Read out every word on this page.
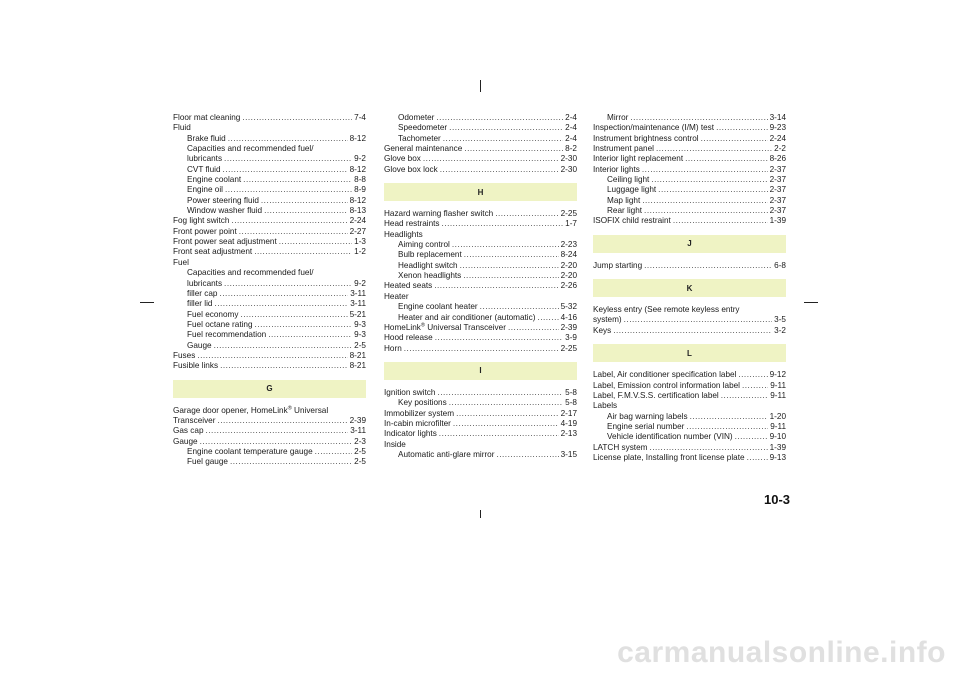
Floor mat cleaning .....	7-4
Fluid
Brake fluid .....	8-12
Capacities and recommended fuel/
lubricants .....	9-2
CVT fluid .....	8-12
Engine coolant .....	8-8
Engine oil .....	8-9
Power steering fluid .....	8-12
Window washer fluid .....	8-13
Fog light switch .....	2-24
Front power point .....	2-27
Front power seat adjustment .....	1-3
Front seat adjustment .....	1-2
Fuel
Capacities and recommended fuel/
lubricants .....	9-2
filler cap .....	3-11
filler lid .....	3-11
Fuel economy .....	5-21
Fuel octane rating .....	9-3
Fuel recommendation .....	9-3
Gauge .....	2-5
Fuses .....	8-21
Fusible links .....	8-21
G
Garage door opener, HomeLink® Universal
Transceiver .....	2-39
Gas cap .....	3-11
Gauge .....	2-3
Engine coolant temperature gauge .....	2-5
Fuel gauge .....	2-5
Odometer .....	2-4
Speedometer .....	2-4
Tachometer .....	2-4
General maintenance .....	8-2
Glove box .....	2-30
Glove box lock .....	2-30
H
Hazard warning flasher switch .....	2-25
Head restraints .....	1-7
Headlights
Aiming control .....	2-23
Bulb replacement .....	8-24
Headlight switch .....	2-20
Xenon headlights .....	2-20
Heated seats .....	2-26
Heater
Engine coolant heater .....	5-32
Heater and air conditioner (automatic) .....	4-16
HomeLink® Universal Transceiver .....	2-39
Hood release .....	3-9
Horn .....	2-25
I
Ignition switch .....	5-8
Key positions .....	5-8
Immobilizer system .....	2-17
In-cabin microfilter .....	4-19
Indicator lights .....	2-13
Inside
Automatic anti-glare mirror .....	3-15
Mirror .....	3-14
Inspection/maintenance (I/M) test .....	9-23
Instrument brightness control .....	2-24
Instrument panel .....	2-2
Interior light replacement .....	8-26
Interior lights .....	2-37
Ceiling light .....	2-37
Luggage light .....	2-37
Map light .....	2-37
Rear light .....	2-37
ISOFIX child restraint .....	1-39
J
Jump starting .....	6-8
K
Keyless entry (See remote keyless entry
system) .....	3-5
Keys .....	3-2
L
Label, Air conditioner specification label .....	9-12
Label, Emission control information label .....	9-11
Label, F.M.V.S.S. certification label .....	9-11
Labels
Air bag warning labels .....	1-20
Engine serial number .....	9-11
Vehicle identification number (VIN) .....	9-10
LATCH system .....	1-39
License plate, Installing front license plate .....	9-13
10-3
carmanualsonline.info
